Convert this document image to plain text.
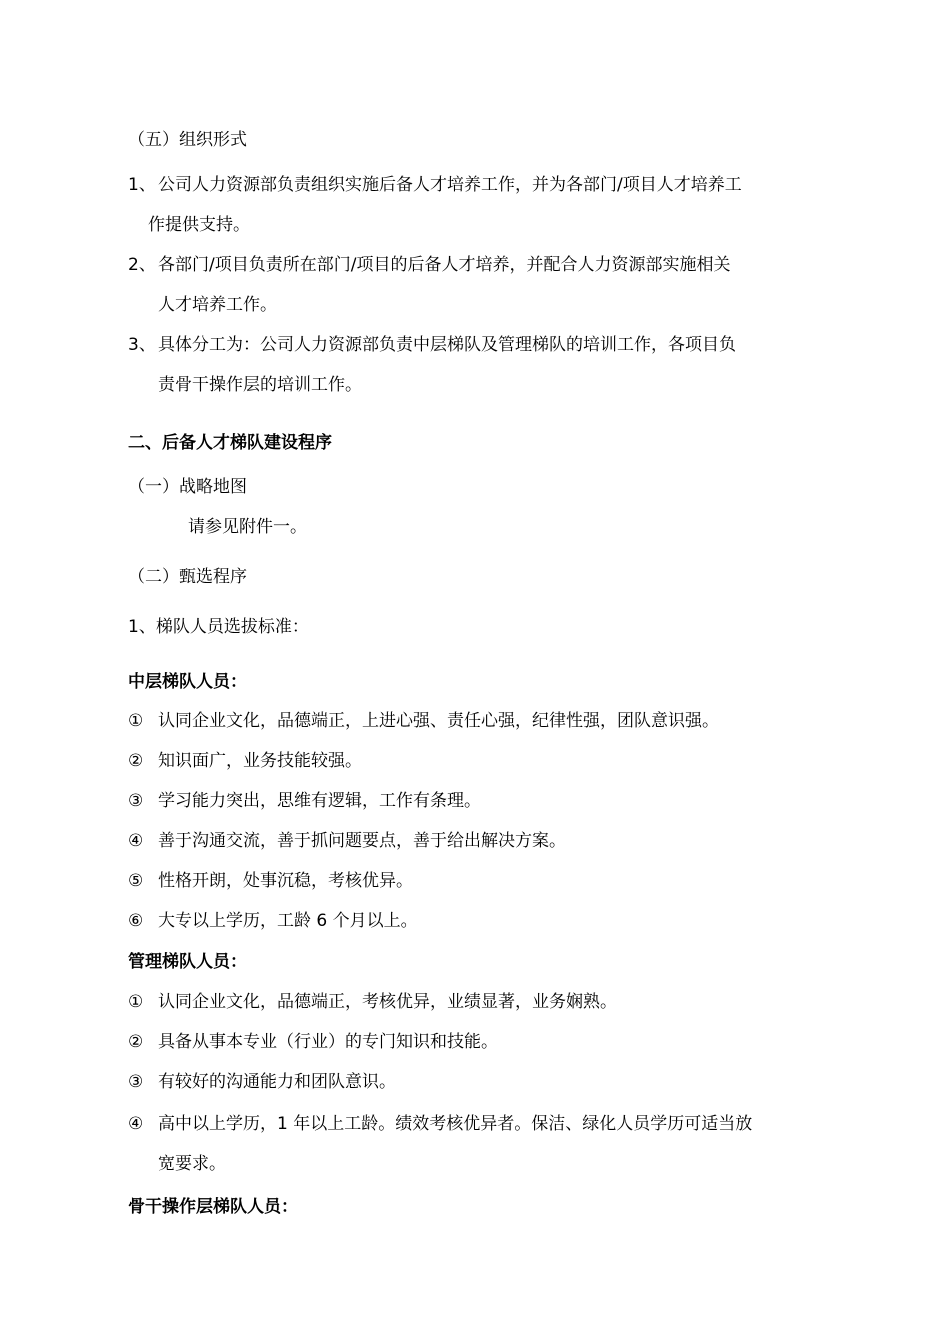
（五）组织形式
1、 公司人力资源部负责组织实施后备人才培养工作，并为各部门/项目人才培养工
作提供支持。
2、 各部门/项目负责所在部门/项目的后备人才培养，并配合人力资源部实施相关
人才培养工作。
3、 具体分工为：公司人力资源部负责中层梯队及管理梯队的培训工作，各项目负
责骨干操作层的培训工作。
二、后备人才梯队建设程序
（一）战略地图
请参见附件一。
（二）甄选程序
1、梯队人员选拔标准：
中层梯队人员：
① 认同企业文化，品德端正，上进心强、责任心强，纪律性强，团队意识强。
② 知识面广，业务技能较强。
③ 学习能力突出，思维有逻辑，工作有条理。
④ 善于沟通交流，善于抓问题要点，善于给出解决方案。
⑤ 性格开朗，处事沉稳，考核优异。
⑥ 大专以上学历，工龄 6 个月以上。
管理梯队人员：
① 认同企业文化，品德端正，考核优异，业绩显著，业务娴熟。
② 具备从事本专业（行业）的专门知识和技能。
③ 有较好的沟通能力和团队意识。
④ 高中以上学历，1 年以上工龄。绩效考核优异者。保洁、绿化人员学历可适当放
宽要求。
骨干操作层梯队人员：
